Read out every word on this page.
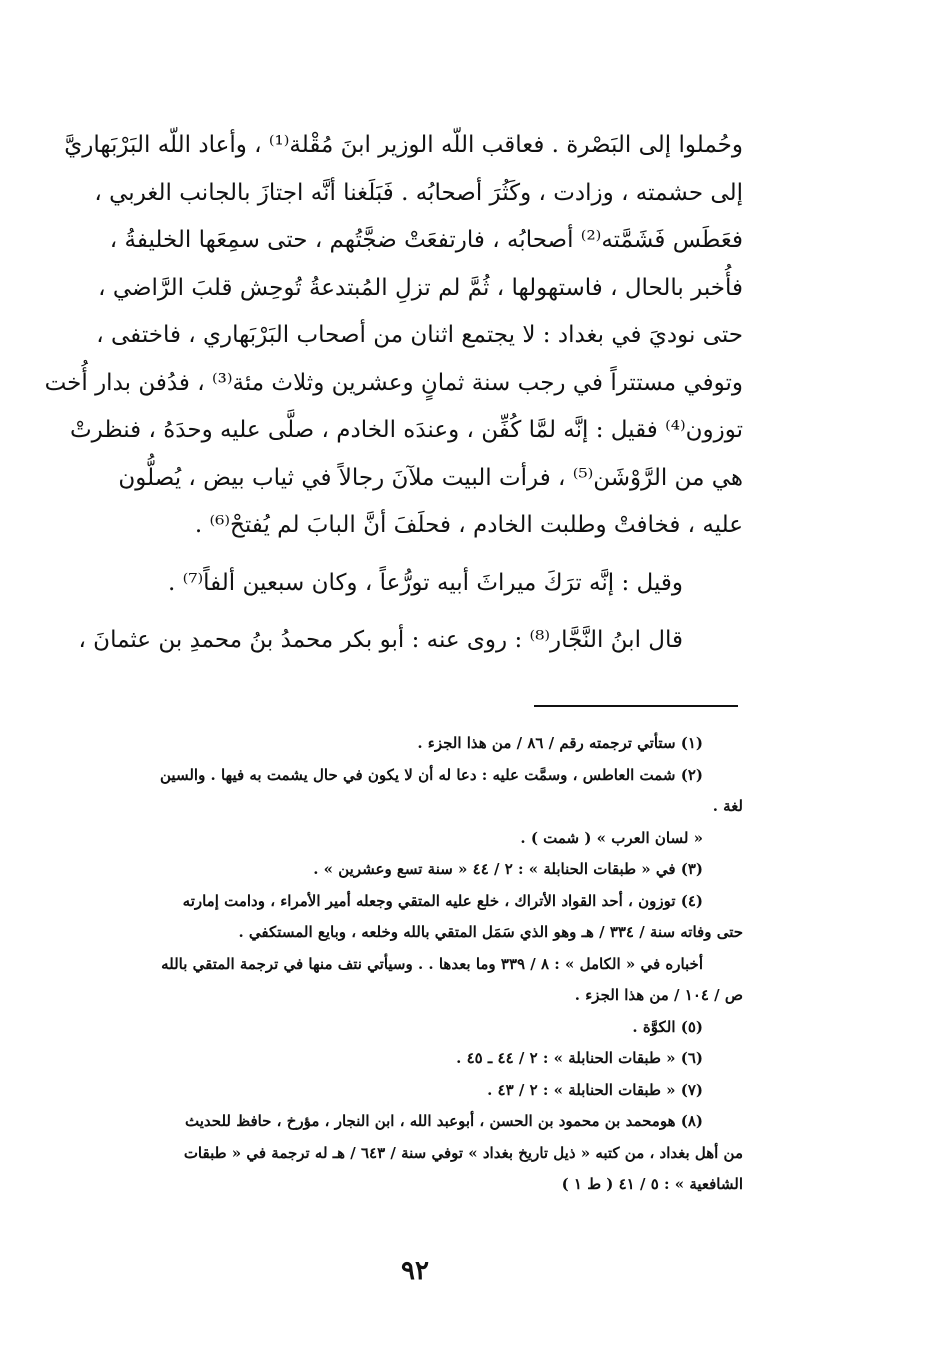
وحُملوا إلى البَصْرة . فعاقب اللّه الوزير ابنَ مُقْلة⁽¹⁾ ، وأعاد اللّه البَرْبَهاريَّ
إلى حشمته ، وزادت ، وكَثُرَ أصحابُه . فَبَلَغنا أنَّه اجتازَ بالجانب الغربي ،
فعَطَس فَشَمَّته⁽²⁾ أصحابُه ، فارتفعَتْ ضجَّتُهم ، حتى سمِعَها الخليفةُ ،
فأُخبر بالحال ، فاستهولها ، ثُمَّ لم تزلِ المُبتدعةُ تُوحِش قلبَ الرَّاضي ،
حتى نوديَ في بغداد : لا يجتمع اثنان من أصحاب البَرْبَهاري ، فاختفى ،
وتوفي مستتراً في رجب سنة ثمانٍ وعشرين وثلاث مئة⁽³⁾ ، فدُفن بدار أُخت
توزون⁽⁴⁾ فقيل : إنَّه لمَّا كُفِّن ، وعندَه الخادم ، صلَّى عليه وحدَهُ ، فنظرتْ
هي من الرَّوْشَن⁽⁵⁾ ، فرأت البيت ملآنَ رجالاً في ثياب بيض ، يُصلُّون
عليه ، فخافتْ وطلبت الخادم ، فحلَفَ أنَّ البابَ لم يُفتحْ⁽⁶⁾ .
وقيل : إنَّه ترَكَ ميراثَ أبيه تورُّعاً ، وكان سبعين ألفاً⁽⁷⁾ .
قال ابنُ النَّجَّار⁽⁸⁾ : روى عنه : أبو بكر محمدُ بنُ محمدِ بن عثمانَ ،
(١) ستأتي ترجمته رقم / ٨٦ / من هذا الجزء .
(٢) شمت العاطس ، وسمَّت عليه : دعا له أن لا يكون في حال يشمت به فيها . والسين
لغة .
« لسان العرب » ( شمت ) .
(٣) في « طبقات الحنابلة » : ٢ / ٤٤ « سنة تسع وعشرين » .
(٤) توزون ، أحد القواد الأتراك ، خلع عليه المتقي وجعله أمير الأمراء ، ودامت إمارته
حتى وفاته سنة / ٣٣٤ / هـ وهو الذي سَمَل المتقي بالله وخلعه ، وبايع المستكفي .
أخباره في « الكامل » : ٨ / ٣٣٩ وما بعدها . . وسيأتي نتف منها في ترجمة المتقي بالله
ص / ١٠٤ / من هذا الجزء .
(٥) الكوَّة .
(٦) « طبقات الحنابلة » : ٢ / ٤٤ ـ ٤٥ .
(٧) « طبقات الحنابلة » : ٢ / ٤٣ .
(٨) هومحمد بن محمود بن الحسن ، أبوعبد الله ، ابن النجار ، مؤرخ ، حافظ للحديث
من أهل بغداد ، من كتبه « ذيل تاريخ بغداد » توفي سنة / ٦٤٣ / هـ له ترجمة في « طبقات
الشافعية » : ٥ / ٤١ ( ط ١ )
٩٢
